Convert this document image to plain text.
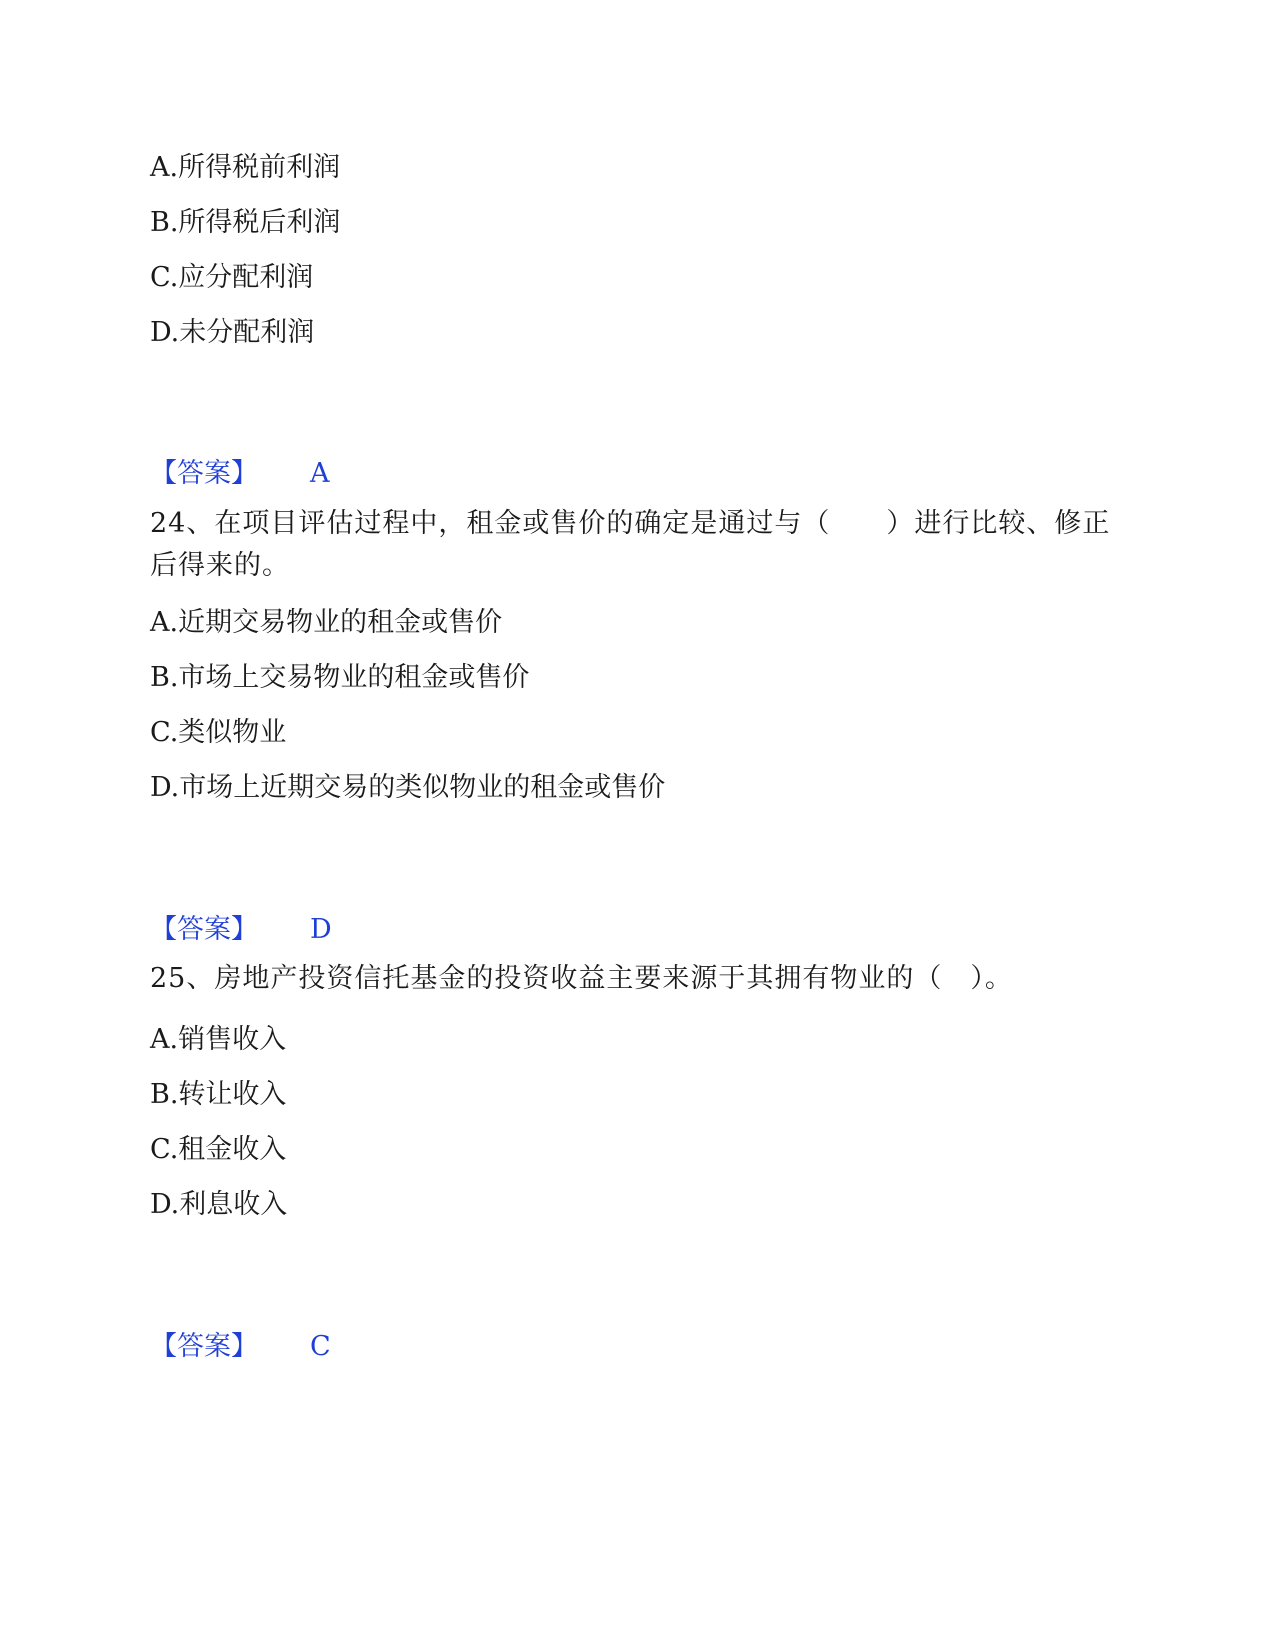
A.所得税前利润
B.所得税后利润
C.应分配利润
D.未分配利润
【答案】 A
24、在项目评估过程中，租金或售价的确定是通过与（　　）进行比较、修正后得来的。
A.近期交易物业的租金或售价
B.市场上交易物业的租金或售价
C.类似物业
D.市场上近期交易的类似物业的租金或售价
【答案】 D
25、房地产投资信托基金的投资收益主要来源于其拥有物业的（　）。
A.销售收入
B.转让收入
C.租金收入
D.利息收入
【答案】 C
